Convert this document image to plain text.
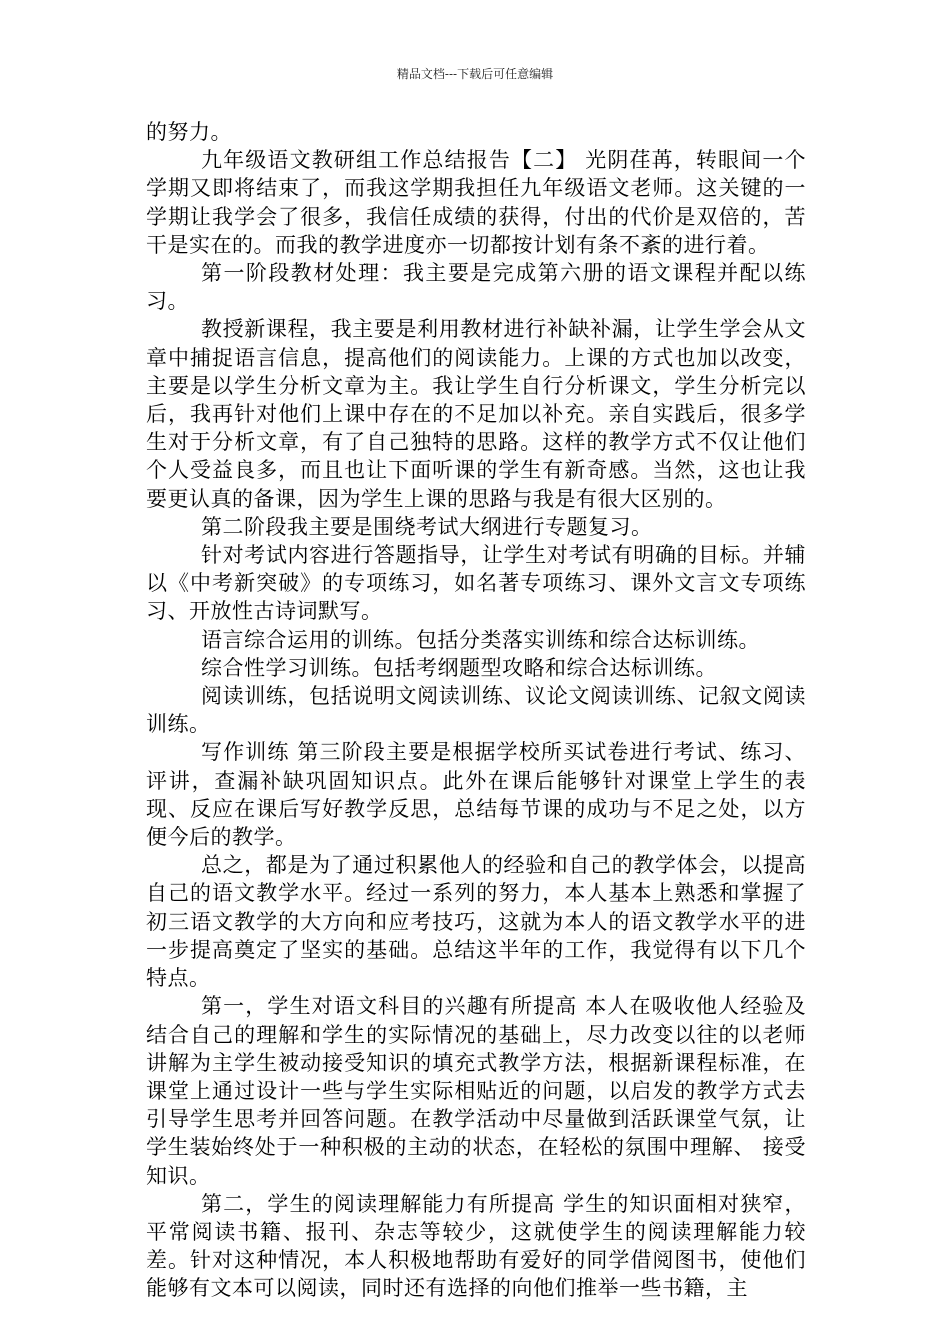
精品文档---下载后可任意编辑

的努力。

九年级语文教研组工作总结报告【二】 光阴荏苒，转眼间一个学期又即将结束了，而我这学期我担任九年级语文老师。这关键的一学期让我学会了很多，我信任成绩的获得，付出的代价是双倍的，苦干是实在的。而我的教学进度亦一切都按计划有条不紊的进行着。

第一阶段教材处理：我主要是完成第六册的语文课程并配以练习。

教授新课程，我主要是利用教材进行补缺补漏，让学生学会从文章中捕捉语言信息，提高他们的阅读能力。上课的方式也加以改变，主要是以学生分析文章为主。我让学生自行分析课文，学生分析完以后，我再针对他们上课中存在的不足加以补充。亲自实践后，很多学生对于分析文章，有了自己独特的思路。这样的教学方式不仅让他们个人受益良多，而且也让下面听课的学生有新奇感。当然，这也让我要更认真的备课，因为学生上课的思路与我是有很大区别的。

第二阶段我主要是围绕考试大纲进行专题复习。

针对考试内容进行答题指导，让学生对考试有明确的目标。并辅以《中考新突破》的专项练习，如名著专项练习、课外文言文专项练习、开放性古诗词默写。

语言综合运用的训练。包括分类落实训练和综合达标训练。

综合性学习训练。包括考纲题型攻略和综合达标训练。

阅读训练，包括说明文阅读训练、议论文阅读训练、记叙文阅读训练。

写作训练 第三阶段主要是根据学校所买试卷进行考试、练习、评讲，查漏补缺巩固知识点。此外在课后能够针对课堂上学生的表现、反应在课后写好教学反思，总结每节课的成功与不足之处，以方便今后的教学。

总之，都是为了通过积累他人的经验和自己的教学体会，以提高自己的语文教学水平。经过一系列的努力，本人基本上熟悉和掌握了初三语文教学的大方向和应考技巧，这就为本人的语文教学水平的进一步提高奠定了坚实的基础。总结这半年的工作，我觉得有以下几个特点。

第一，学生对语文科目的兴趣有所提高 本人在吸收他人经验及结合自己的理解和学生的实际情况的基础上，尽力改变以往的以老师讲解为主学生被动接受知识的填充式教学方法，根据新课程标准，在课堂上通过设计一些与学生实际相贴近的问题，以启发的教学方式去引导学生思考并回答问题。在教学活动中尽量做到活跃课堂气氛，让学生装始终处于一种积极的主动的状态，在轻松的氛围中理解、 接受知识。

第二，学生的阅读理解能力有所提高 学生的知识面相对狭窄，平常阅读书籍、报刊、杂志等较少，这就使学生的阅读理解能力较差。针对这种情况，本人积极地帮助有爱好的同学借阅图书，使他们能够有文本可以阅读，同时还有选择的向他们推举一些书籍，主
